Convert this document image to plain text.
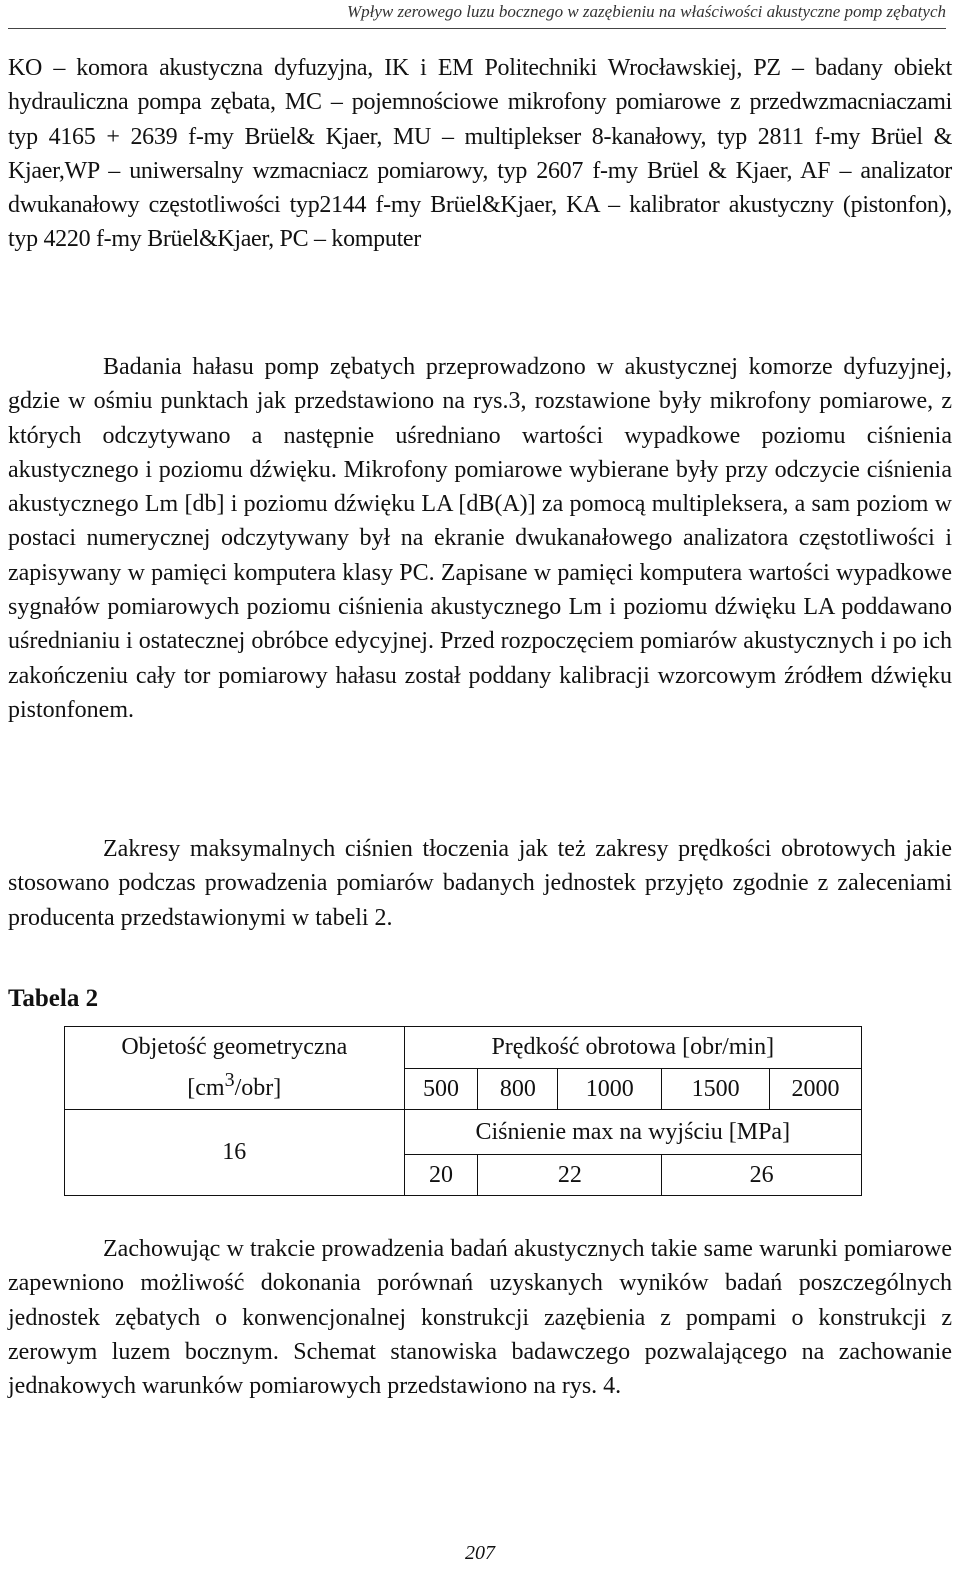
Wpływ zerowego luzu bocznego w zazębieniu na właściwości akustyczne pomp zębatych

KO – komora akustyczna dyfuzyjna, IK i EM Politechniki Wrocławskiej, PZ – badany obiekt hydrauliczna pompa zębata, MC – pojemnościowe mikrofony pomiarowe z przedwzmacniaczami typ 4165 + 2639 f-my Brüel& Kjaer, MU – multiplekser 8-kanałowy, typ 2811 f-my Brüel & Kjaer,WP – uniwersalny wzmacniacz pomiarowy, typ 2607 f-my Brüel & Kjaer, AF – analizator dwukanałowy częstotliwości typ2144 f-my Brüel&Kjaer, KA – kalibrator akustyczny (pistonfon), typ 4220 f-my Brüel&Kjaer, PC – komputer

Badania hałasu pomp zębatych przeprowadzono w akustycznej komorze dyfuzyjnej, gdzie w ośmiu punktach jak przedstawiono na rys.3, rozstawione były mikrofony pomiarowe, z których odczytywano a następnie uśredniano wartości wypadkowe poziomu ciśnienia akustycznego i poziomu dźwięku. Mikrofony pomiarowe wybierane były przy odczycie ciśnienia akustycznego Lm [db] i poziomu dźwięku LA [dB(A)] za pomocą multipleksera, a sam poziom w postaci numerycznej odczytywany był na ekranie dwukanałowego analizatora częstotliwości i zapisywany w pamięci komputera klasy PC. Zapisane w pamięci komputera wartości wypadkowe sygnałów pomiarowych poziomu ciśnienia akustycznego Lm i poziomu dźwięku LA poddawano uśrednianiu i ostatecznej obróbce edycyjnej. Przed rozpoczęciem pomiarów akustycznych i po ich zakończeniu cały tor pomiarowy hałasu został poddany kalibracji wzorcowym źródłem dźwięku pistonfonem.

Zakresy maksymalnych ciśnien tłoczenia jak też zakresy prędkości obrotowych jakie stosowano podczas prowadzenia pomiarów badanych jednostek przyjęto zgodnie z zaleceniami producenta przedstawionymi w tabeli 2.

Tabela 2
Objetość geometryczna
$[cm^3/obr]$	Prędkość obrotowa [obr/min]				
	500	800	1000	1500	2000
16	Ciśnienie max na wyjściu [MPa]				
	20	22		26	

Zachowując w trakcie prowadzenia badań akustycznych takie same warunki pomiarowe zapewniono możliwość dokonania porównań uzyskanych wyników badań poszczególnych jednostek zębatych o konwencjonalnej konstrukcji zazębienia z pompami o konstrukcji z zerowym luzem bocznym. Schemat stanowiska badawczego pozwalającego na zachowanie jednakowych warunków pomiarowych przedstawiono na rys. 4.

207
